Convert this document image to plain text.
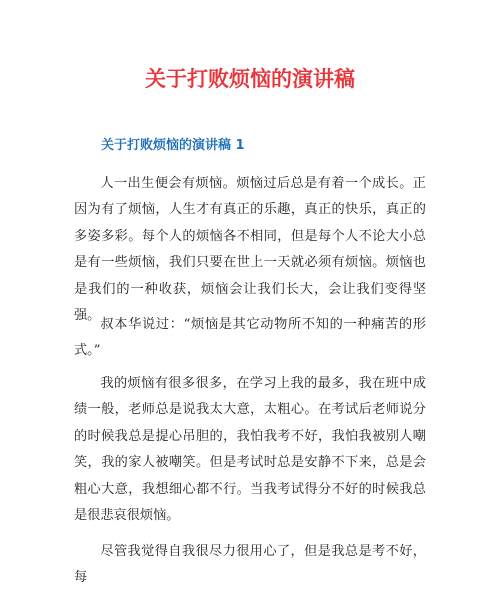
关于打败烦恼的演讲稿
关于打败烦恼的演讲稿 1

人一出生便会有烦恼。烦恼过后总是有着一个成长。正因为有了烦恼，人生才有真正的乐趣，真正的快乐，真正的多姿多彩。每个人的烦恼各不相同，但是每个人不论大小总是有一些烦恼，我们只要在世上一天就必须有烦恼。烦恼也是我们的一种收获，烦恼会让我们长大，会让我们变得坚强。

叔本华说过：“烦恼是其它动物所不知的一种痛苦的形式。”

我的烦恼有很多很多，在学习上我的最多，我在班中成绩一般，老师总是说我太大意，太粗心。在考试后老师说分的时候我总是提心吊胆的，我怕我考不好，我怕我被别人嘲笑，我的家人被嘲笑。但是考试时总是安静不下来，总是会粗心大意，我想细心都不行。当我考试得分不好的时候我总是很悲哀很烦恼。

尽管我觉得自我很尽力很用心了，但是我总是考不好，每
